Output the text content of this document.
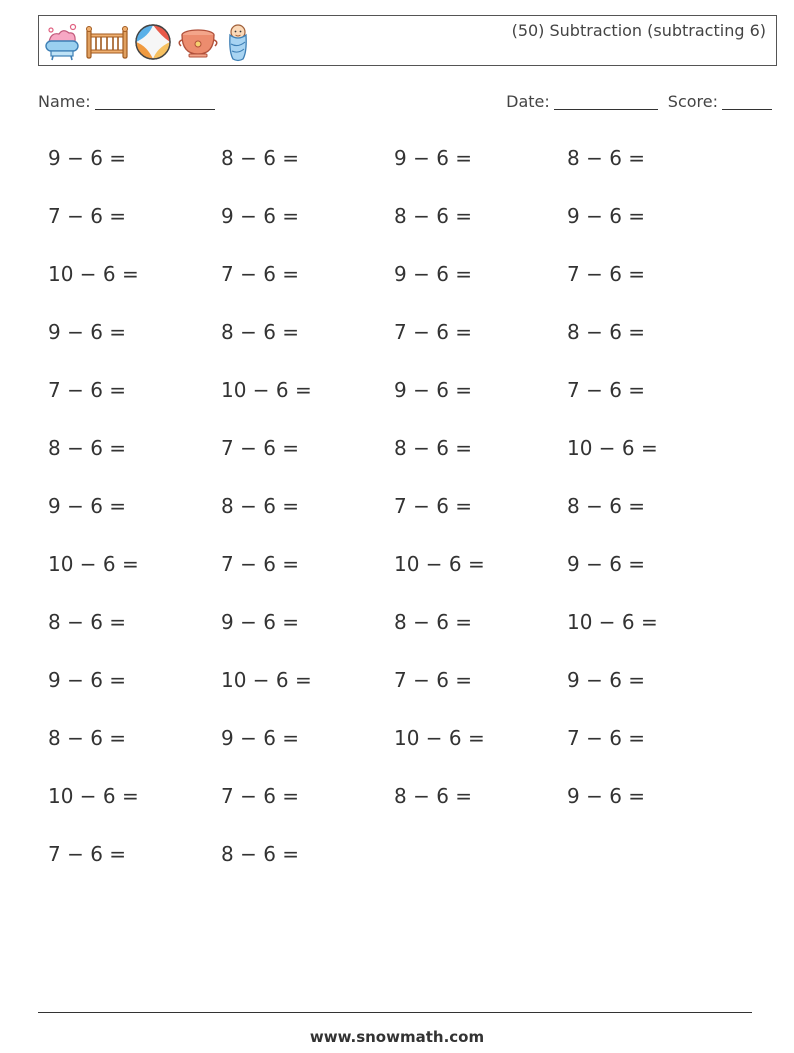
(50) Subtraction (subtracting 6)
Name:	Date:	Score:
9 − 6 =	8 − 6 =	9 − 6 =	8 − 6 =
7 − 6 =	9 − 6 =	8 − 6 =	9 − 6 =
10 − 6 =	7 − 6 =	9 − 6 =	7 − 6 =
9 − 6 =	8 − 6 =	7 − 6 =	8 − 6 =
7 − 6 =	10 − 6 =	9 − 6 =	7 − 6 =
8 − 6 =	7 − 6 =	8 − 6 =	10 − 6 =
9 − 6 =	8 − 6 =	7 − 6 =	8 − 6 =
10 − 6 =	7 − 6 =	10 − 6 =	9 − 6 =
8 − 6 =	9 − 6 =	8 − 6 =	10 − 6 =
9 − 6 =	10 − 6 =	7 − 6 =	9 − 6 =
8 − 6 =	9 − 6 =	10 − 6 =	7 − 6 =
10 − 6 =	7 − 6 =	8 − 6 =	9 − 6 =
7 − 6 =	8 − 6 =
www.snowmath.com
